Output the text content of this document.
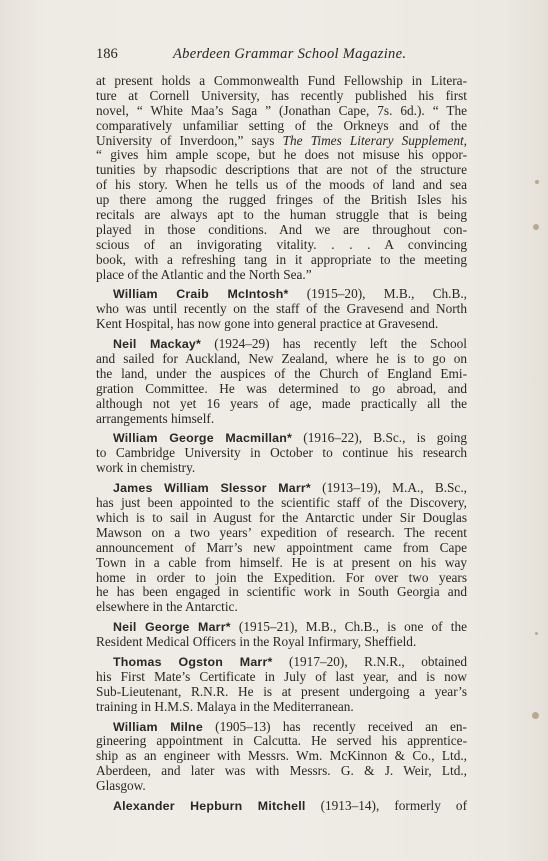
186	Aberdeen Grammar School Magazine.
at present holds a Commonwealth Fund Fellowship in Litera-
ture at Cornell University, has recently published his first
novel, “ White Maa’s Saga ” (Jonathan Cape, 7s. 6d.). “ The
comparatively unfamiliar setting of the Orkneys and of the
University of Inverdoon,” says The Times Literary Supplement,
“ gives him ample scope, but he does not misuse his oppor-
tunities by rhapsodic descriptions that are not of the structure
of his story. When he tells us of the moods of land and sea
up there among the rugged fringes of the British Isles his
recitals are always apt to the human struggle that is being
played in those conditions. And we are throughout con-
scious of an invigorating vitality. . . . A convincing
book, with a refreshing tang in it appropriate to the meeting
place of the Atlantic and the North Sea.”
William Craib McIntosh* (1915–20), M.B., Ch.B.,
who was until recently on the staff of the Gravesend and North
Kent Hospital, has now gone into general practice at Gravesend.
Neil Mackay* (1924–29) has recently left the School
and sailed for Auckland, New Zealand, where he is to go on
the land, under the auspices of the Church of England Emi-
gration Committee. He was determined to go abroad, and
although not yet 16 years of age, made practically all the
arrangements himself.
William George Macmillan* (1916–22), B.Sc., is going
to Cambridge University in October to continue his research
work in chemistry.
James William Slessor Marr* (1913–19), M.A., B.Sc.,
has just been appointed to the scientific staff of the Discovery,
which is to sail in August for the Antarctic under Sir Douglas
Mawson on a two years’ expedition of research. The recent
announcement of Marr’s new appointment came from Cape
Town in a cable from himself. He is at present on his way
home in order to join the Expedition. For over two years
he has been engaged in scientific work in South Georgia and
elsewhere in the Antarctic.
Neil George Marr* (1915–21), M.B., Ch.B., is one of the
Resident Medical Officers in the Royal Infirmary, Sheffield.
Thomas Ogston Marr* (1917–20), R.N.R., obtained
his First Mate’s Certificate in July of last year, and is now
Sub-Lieutenant, R.N.R. He is at present undergoing a year’s
training in H.M.S. Malaya in the Mediterranean.
William Milne (1905–13) has recently received an en-
gineering appointment in Calcutta. He served his apprentice-
ship as an engineer with Messrs. Wm. McKinnon & Co., Ltd.,
Aberdeen, and later was with Messrs. G. & J. Weir, Ltd.,
Glasgow.
Alexander Hepburn Mitchell (1913–14), formerly of
